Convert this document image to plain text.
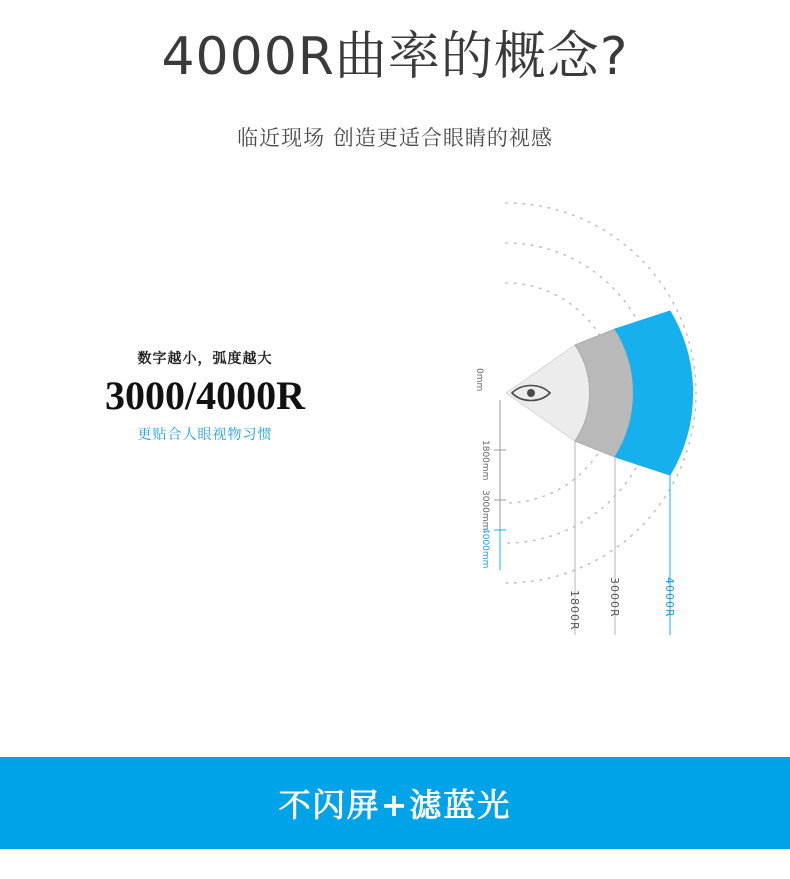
4000R曲率的概念?
临近现场 创造更适合眼睛的视感
数字越小，弧度越大
3000/4000R
更贴合人眼视物习惯
0mm
1800mm
3000mm
4000mm
1800R 3000R	4000R
不闪屏+滤蓝光
